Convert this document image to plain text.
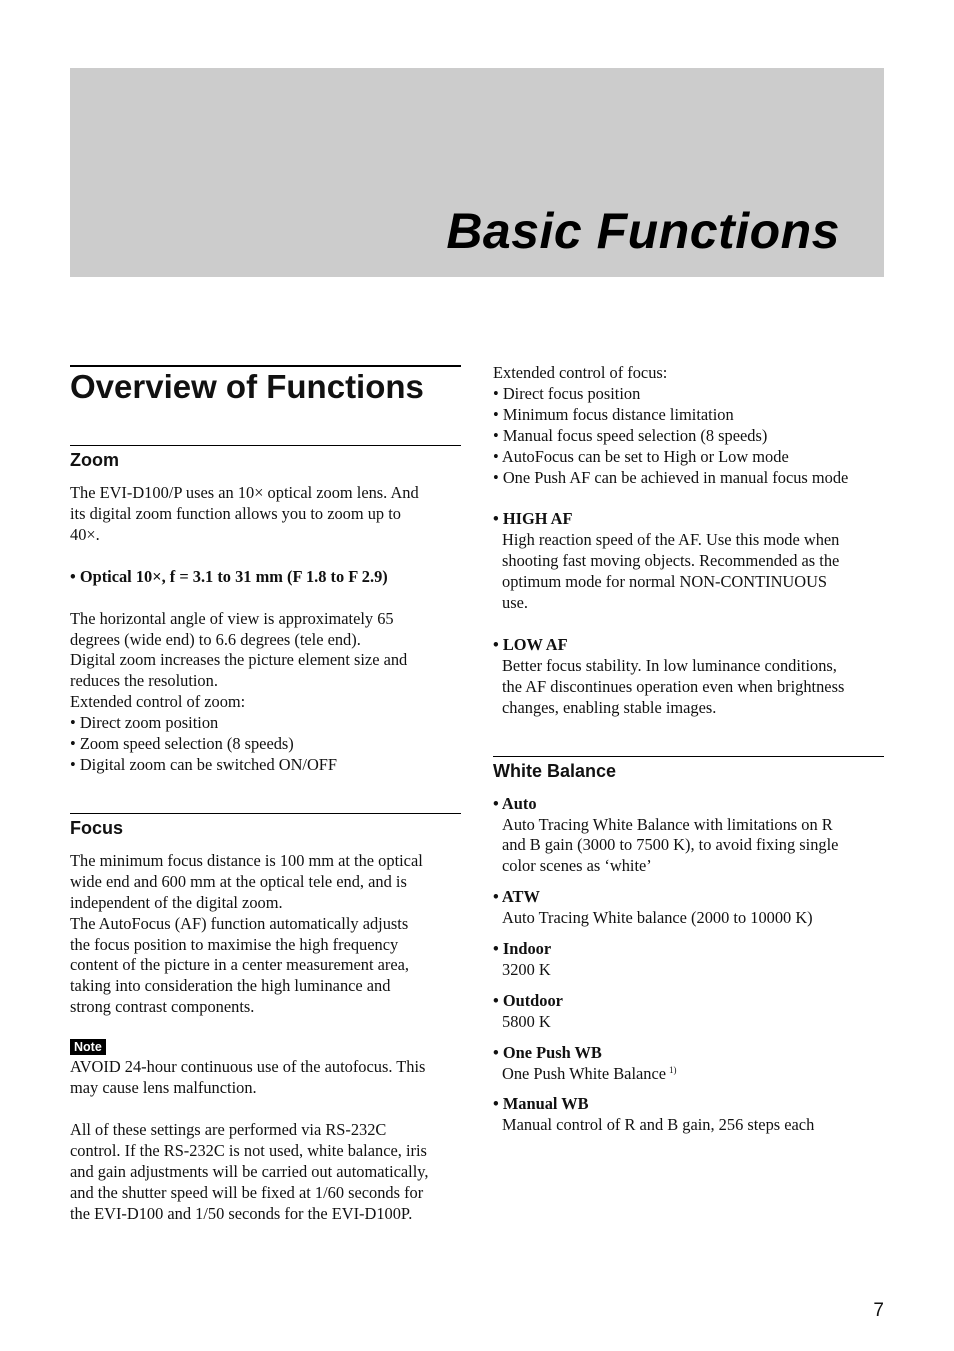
Basic Functions
Overview of Functions
Zoom

The EVI-D100/P uses an 10× optical zoom lens. And

its digital zoom function allows you to zoom up to

40×.

• Optical 10×, f = 3.1 to 31 mm (F 1.8 to F 2.9)

The horizontal angle of view is approximately 65

degrees (wide end) to 6.6 degrees (tele end).

Digital zoom increases the picture element size and

reduces the resolution.

Extended control of zoom:

• Direct zoom position

• Zoom speed selection (8 speeds)

• Digital zoom can be switched ON/OFF

Focus

The minimum focus distance is 100 mm at the optical

wide end and 600 mm at the optical tele end, and is

independent of the digital zoom.

The AutoFocus (AF) function automatically adjusts

the focus position to maximise the high frequency

content of the picture in a center measurement area,

taking into consideration the high luminance and

strong contrast components.

Note

AVOID 24-hour continuous use of the autofocus. This

may cause lens malfunction.

All of these settings are performed via RS-232C

control. If the RS-232C is not used, white balance, iris

and gain adjustments will be carried out automatically,

and the shutter speed will be fixed at 1/60 seconds for

the EVI-D100 and 1/50 seconds for the EVI-D100P.

Extended control of focus:

• Direct focus position

• Minimum focus distance limitation

• Manual focus speed selection (8 speeds)

• AutoFocus can be set to High or Low mode

• One Push AF can be achieved in manual focus mode

• HIGH AF

High reaction speed of the AF. Use this mode when

shooting fast moving objects. Recommended as the

optimum mode for normal NON-CONTINUOUS

use.

• LOW AF

Better focus stability. In low luminance conditions,

the AF discontinues operation even when brightness

changes, enabling stable images.

White Balance

• Auto

Auto Tracing White Balance with limitations on R

and B gain (3000 to 7500 K), to avoid fixing single

color scenes as ‘white’

• ATW

Auto Tracing White balance (2000 to 10000 K)

• Indoor

3200 K

• Outdoor

5800 K

• One Push WB

One Push White Balance $^{1)}$

• Manual WB

Manual control of R and B gain, 256 steps each

7
